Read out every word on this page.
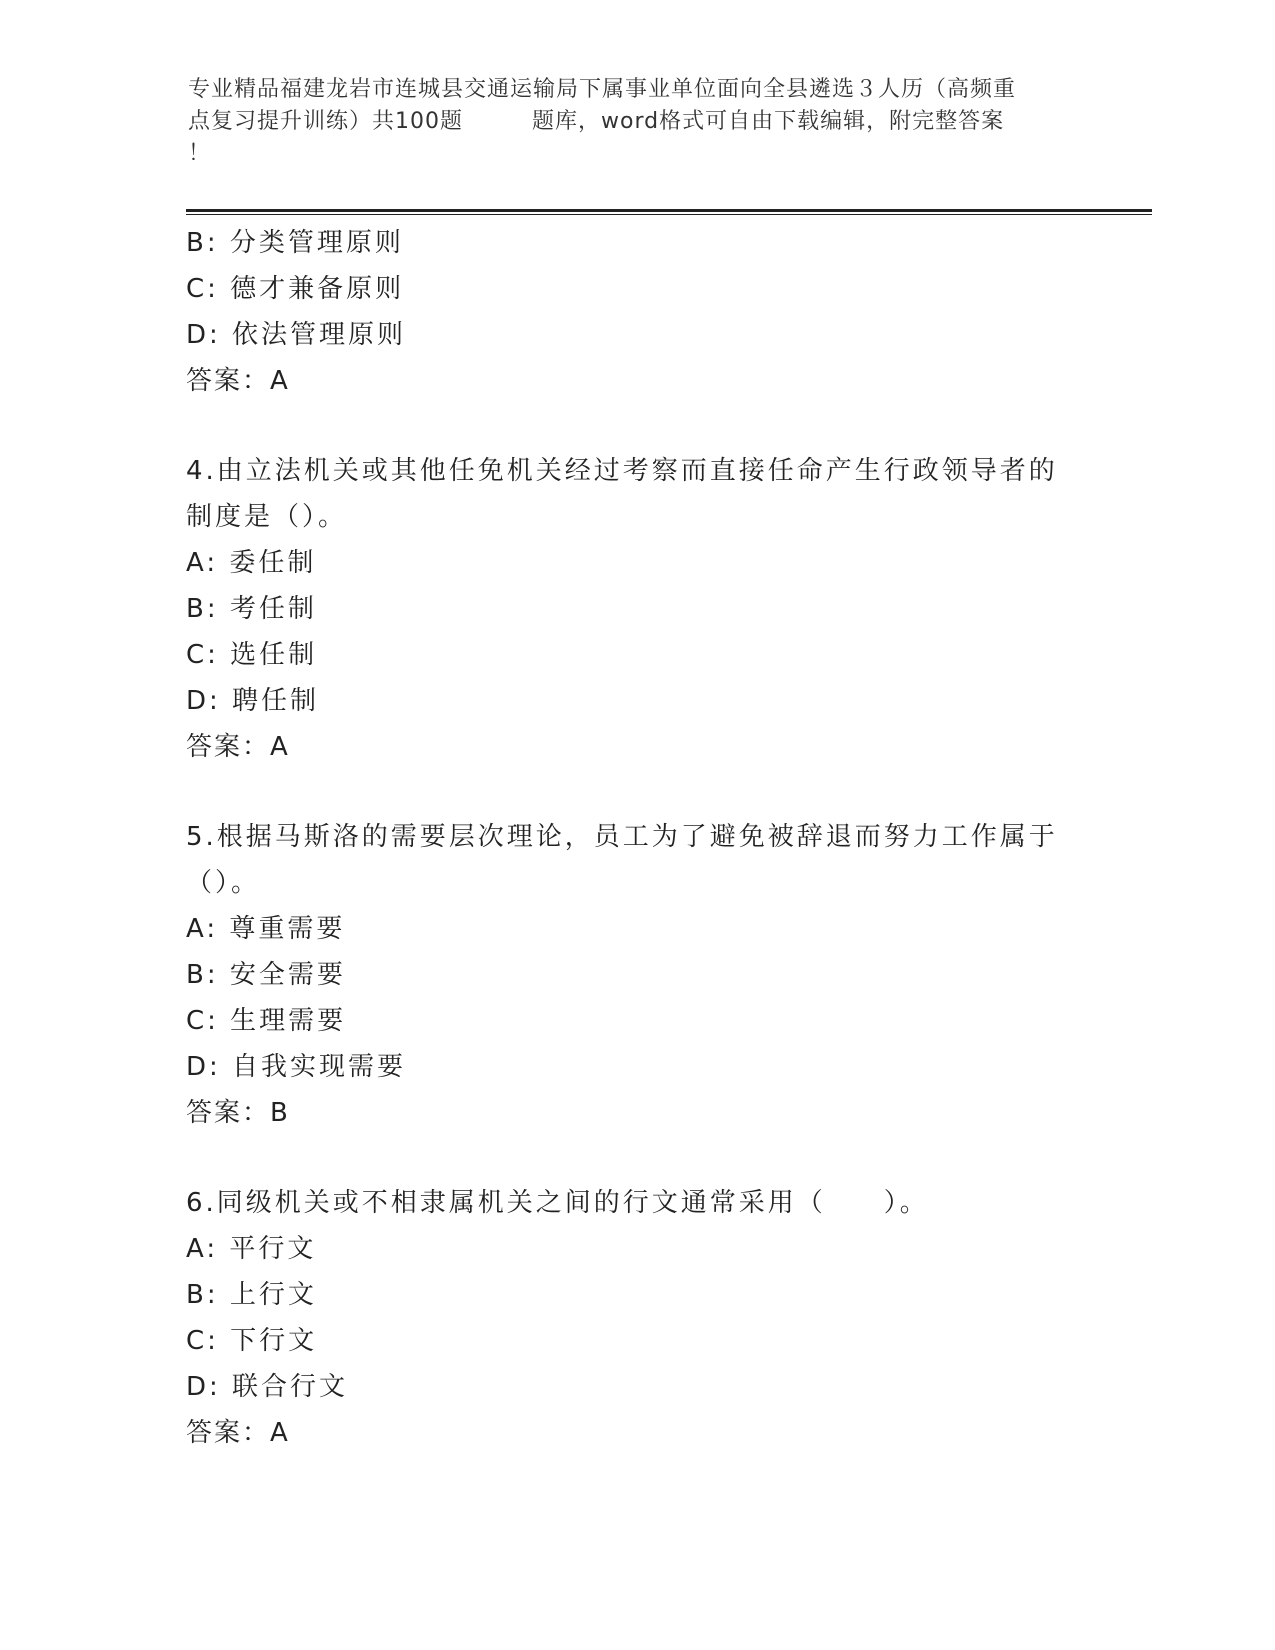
专业精品福建龙岩市连城县交通运输局下属事业单位面向全县遴选３人历（高频重
点复习提升训练）共100题　　　题库，word格式可自由下载编辑，附完整答案
！
B: 分类管理原则
C: 德才兼备原则
D: 依法管理原则
答案：A
4.由立法机关或其他任免机关经过考察而直接任命产生行政领导者的
制度是（）。
A: 委任制
B: 考任制
C: 选任制
D: 聘任制
答案：A
5.根据马斯洛的需要层次理论，员工为了避免被辞退而努力工作属于
（）。
A: 尊重需要
B: 安全需要
C: 生理需要
D: 自我实现需要
答案：B
6.同级机关或不相隶属机关之间的行文通常采用（　　）。
A: 平行文
B: 上行文
C: 下行文
D: 联合行文
答案：A
